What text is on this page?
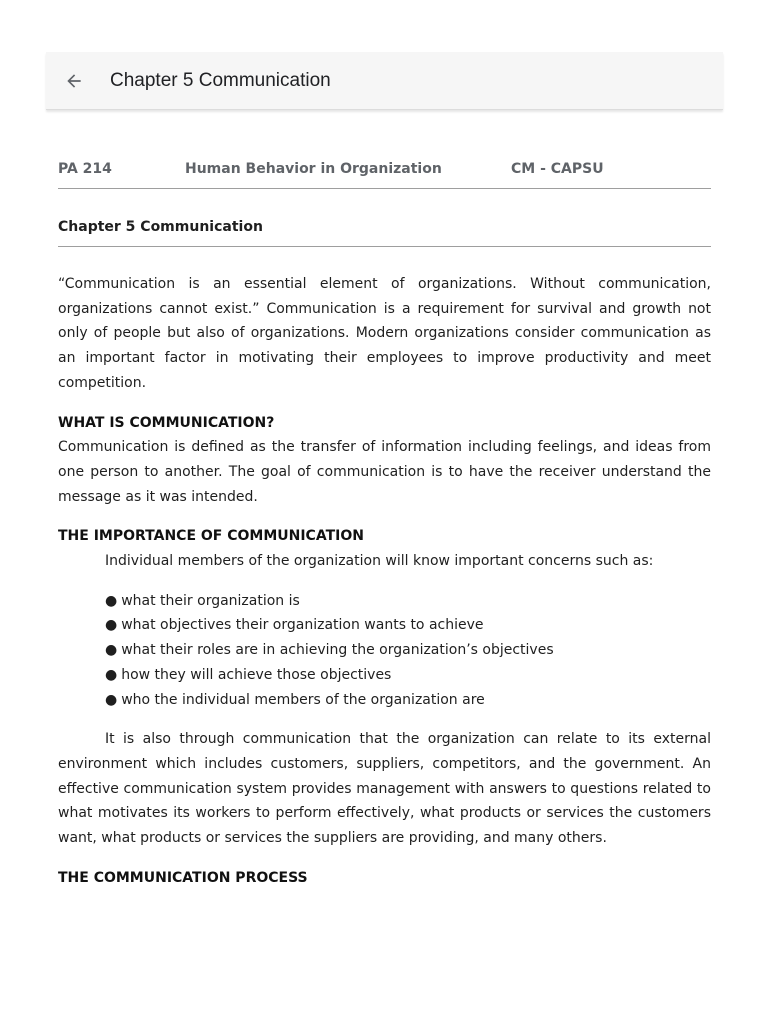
Chapter 5 Communication
PA 214	Human Behavior in Organization	CM - CAPSU
Chapter 5 Communication

“Communication is an essential element of organizations. Without communication, organizations cannot exist.” Communication is a requirement for survival and growth not only of people but also of organizations. Modern organizations consider communication as an important factor in motivating their employees to improve productivity and meet competition.

WHAT IS COMMUNICATION?

Communication is defined as the transfer of information including feelings, and ideas from one person to another. The goal of communication is to have the receiver understand the message as it was intended.

THE IMPORTANCE OF COMMUNICATION

Individual members of the organization will know important concerns such as:

● what their organization is
● what objectives their organization wants to achieve
● what their roles are in achieving the organization’s objectives
● how they will achieve those objectives
● who the individual members of the organization are

It is also through communication that the organization can relate to its external environment which includes customers, suppliers, competitors, and the government. An effective communication system provides management with answers to questions related to what motivates its workers to perform effectively, what products or services the customers want, what products or services the suppliers are providing, and many others.

THE COMMUNICATION PROCESS
